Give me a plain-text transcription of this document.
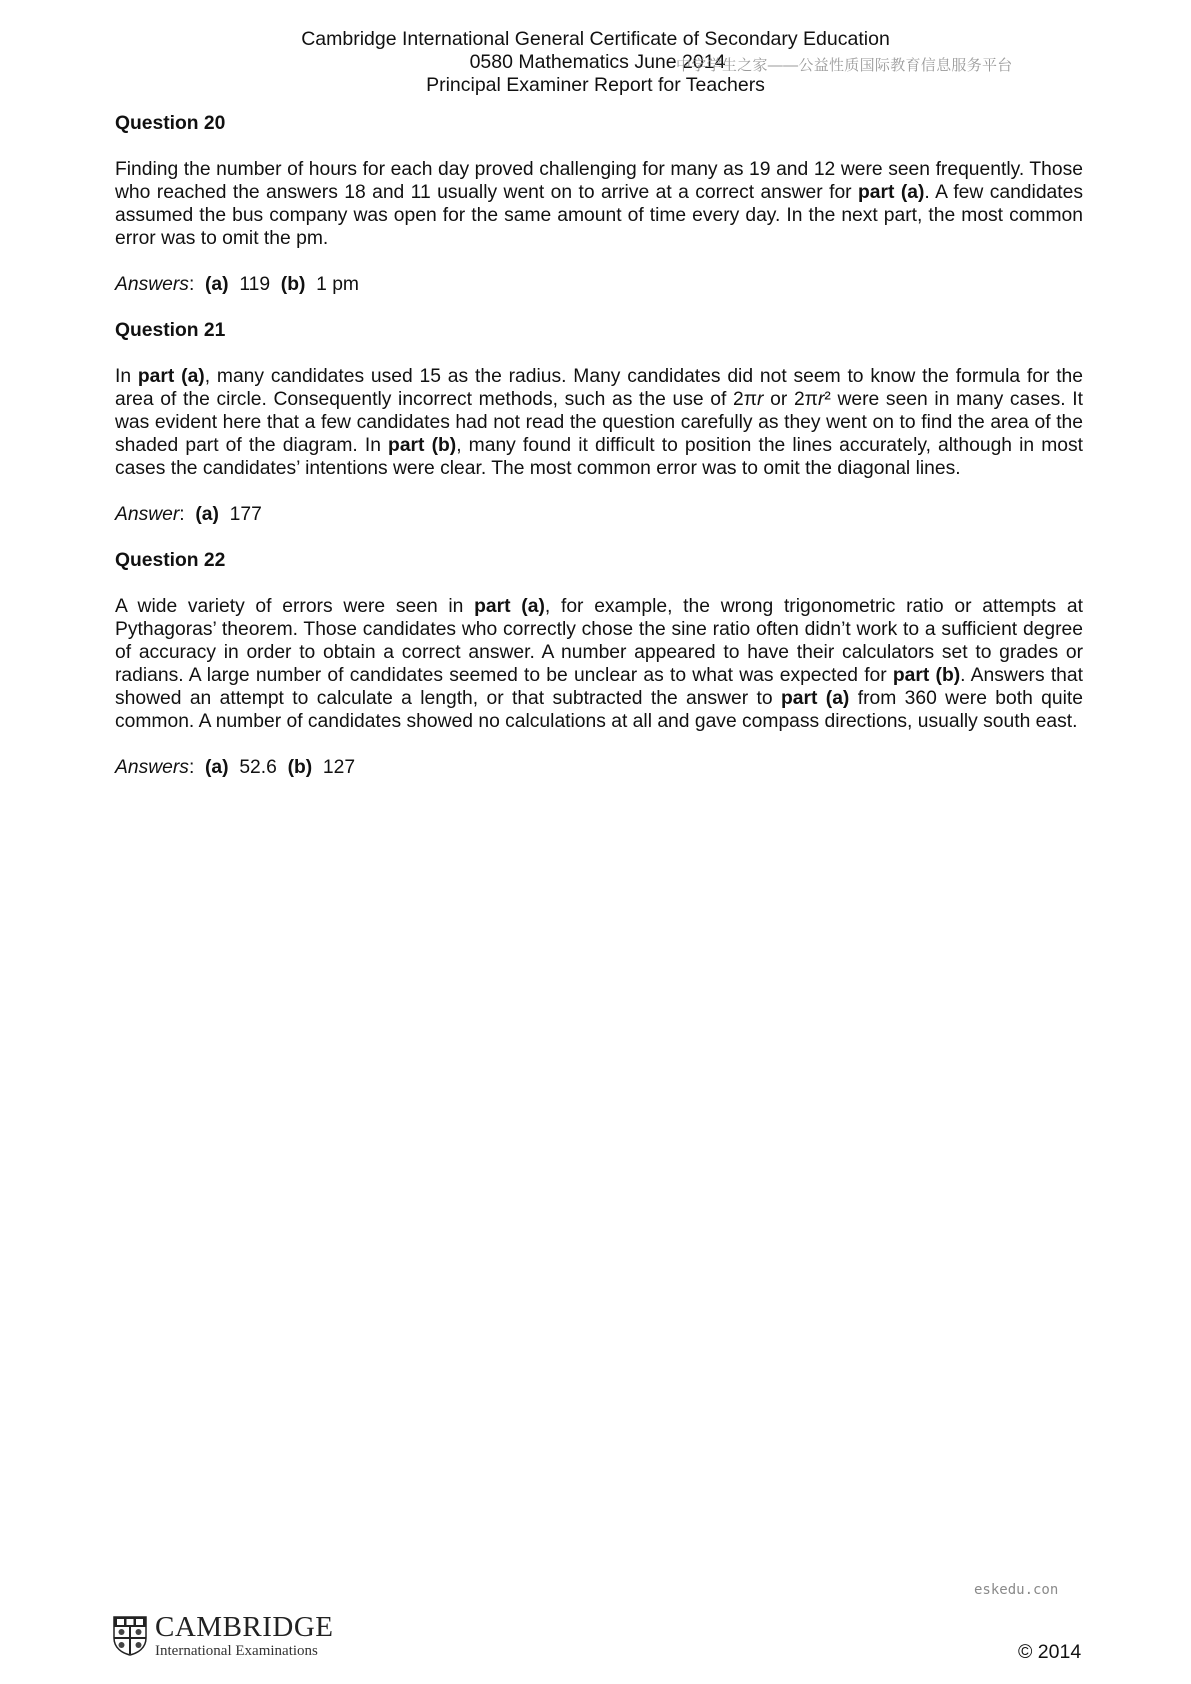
Cambridge International General Certificate of Secondary Education
0580 Mathematics June 2014
Principal Examiner Report for Teachers
中学学生之家——公益性质国际教育信息服务平台
Question 20
Finding the number of hours for each day proved challenging for many as 19 and 12 were seen frequently. Those who reached the answers 18 and 11 usually went on to arrive at a correct answer for part (a). A few candidates assumed the bus company was open for the same amount of time every day. In the next part, the most common error was to omit the pm.
Answers: (a) 119 (b) 1 pm
Question 21
In part (a), many candidates used 15 as the radius. Many candidates did not seem to know the formula for the area of the circle. Consequently incorrect methods, such as the use of 2πr or 2πr² were seen in many cases. It was evident here that a few candidates had not read the question carefully as they went on to find the area of the shaded part of the diagram. In part (b), many found it difficult to position the lines accurately, although in most cases the candidates’ intentions were clear. The most common error was to omit the diagonal lines.
Answer: (a) 177
Question 22
A wide variety of errors were seen in part (a), for example, the wrong trigonometric ratio or attempts at Pythagoras’ theorem. Those candidates who correctly chose the sine ratio often didn’t work to a sufficient degree of accuracy in order to obtain a correct answer. A number appeared to have their calculators set to grades or radians. A large number of candidates seemed to be unclear as to what was expected for part (b). Answers that showed an attempt to calculate a length, or that subtracted the answer to part (a) from 360 were both quite common. A number of candidates showed no calculations at all and gave compass directions, usually south east.
Answers: (a) 52.6 (b) 127
eskedu.con
CAMBRIDGE
International Examinations	© 2014
